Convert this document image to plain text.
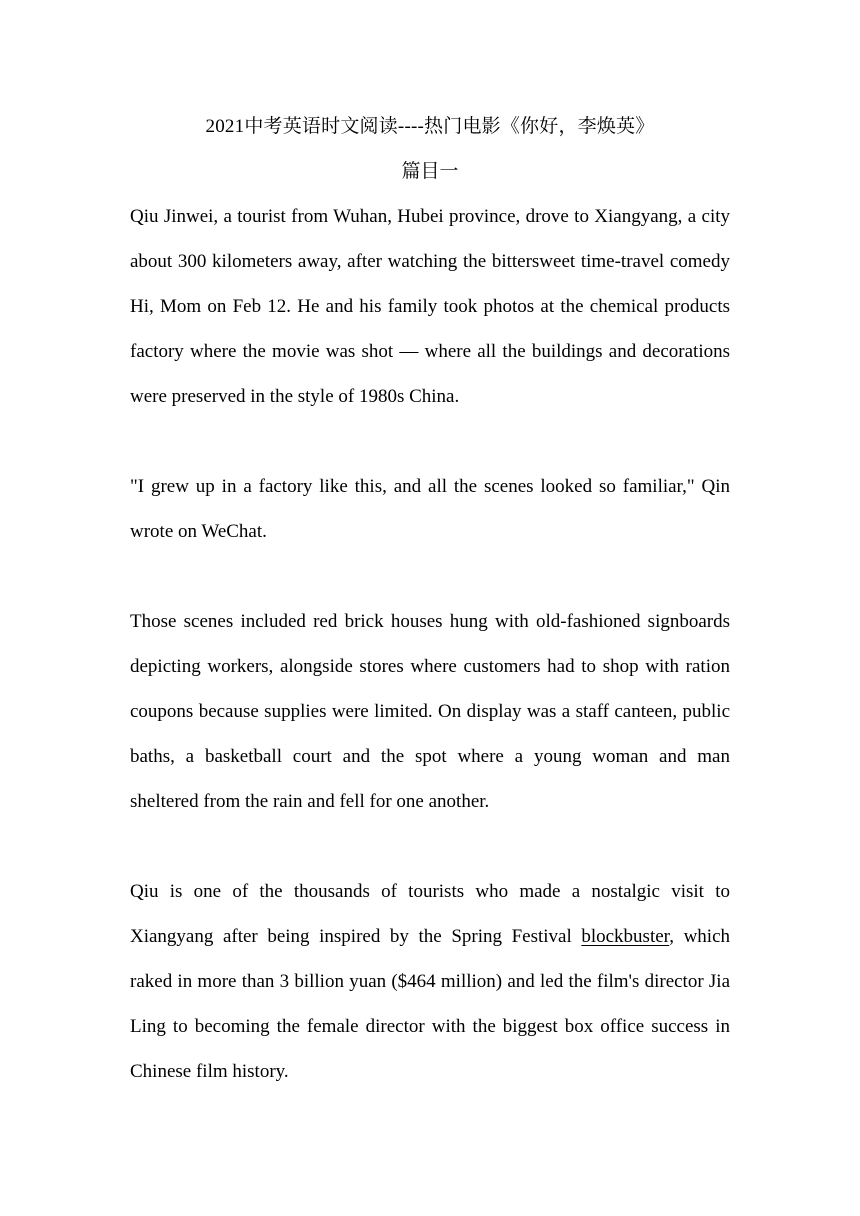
2021中考英语时文阅读----热门电影《你好，李焕英》

篇目一

Qiu Jinwei, a tourist from Wuhan, Hubei province, drove to Xiangyang, a city about 300 kilometers away, after watching the bittersweet time-travel comedy Hi, Mom on Feb 12. He and his family took photos at the chemical products factory where the movie was shot — where all the buildings and decorations were preserved in the style of 1980s China.

"I grew up in a factory like this, and all the scenes looked so familiar," Qin wrote on WeChat.

Those scenes included red brick houses hung with old-fashioned signboards depicting workers, alongside stores where customers had to shop with ration coupons because supplies were limited. On display was a staff canteen, public baths, a basketball court and the spot where a young woman and man sheltered from the rain and fell for one another.

Qiu is one of the thousands of tourists who made a nostalgic visit to Xiangyang after being inspired by the Spring Festival blockbuster, which raked in more than 3 billion yuan ($464 million) and led the film's director Jia Ling to becoming the female director with the biggest box office success in Chinese film history.
